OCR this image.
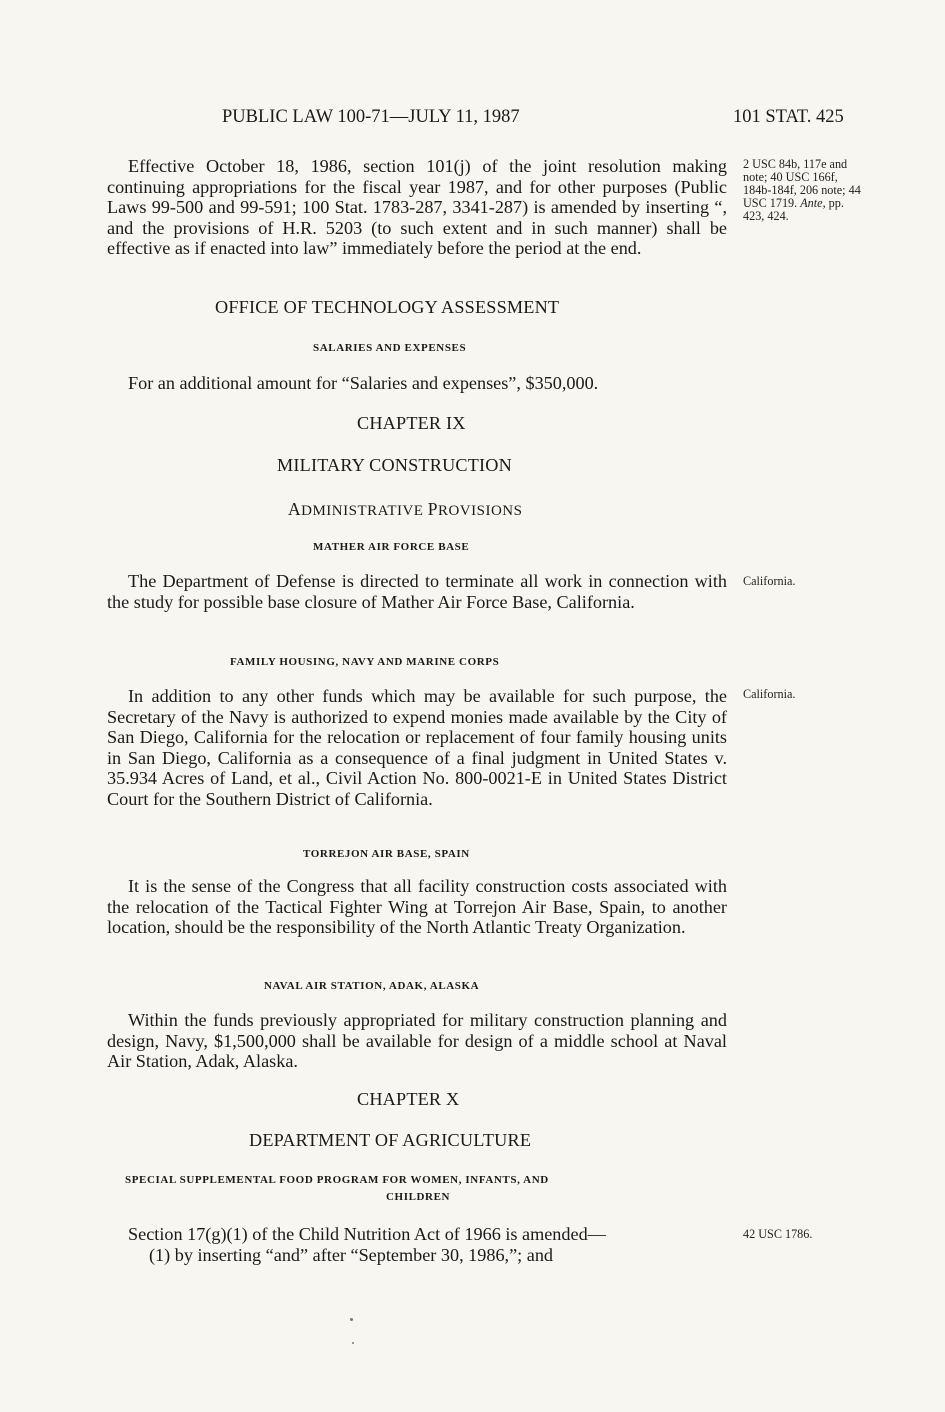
PUBLIC LAW 100-71—JULY 11, 1987	101 STAT. 425

Effective October 18, 1986, section 101(j) of the joint resolution making continuing appropriations for the fiscal year 1987, and for other purposes (Public Laws 99-500 and 99-591; 100 Stat. 1783-287, 3341-287) is amended by inserting “, and the provisions of H.R. 5203 (to such extent and in such manner) shall be effective as if enacted into law” immediately before the period at the end.

2 USC 84b, 117e and note; 40 USC 166f, 184b-184f, 206 note; 44 USC 1719. Ante, pp. 423, 424.
OFFICE OF TECHNOLOGY ASSESSMENT
SALARIES AND EXPENSES

For an additional amount for “Salaries and expenses”, $350,000.

CHAPTER IX
MILITARY CONSTRUCTION
ADMINISTRATIVE PROVISIONS
MATHER AIR FORCE BASE

The Department of Defense is directed to terminate all work in connection with the study for possible base closure of Mather Air Force Base, California.

California.
FAMILY HOUSING, NAVY AND MARINE CORPS

In addition to any other funds which may be available for such purpose, the Secretary of the Navy is authorized to expend monies made available by the City of San Diego, California for the relocation or replacement of four family housing units in San Diego, California as a consequence of a final judgment in United States v. 35.934 Acres of Land, et al., Civil Action No. 800-0021-E in United States District Court for the Southern District of California.

California.
TORREJON AIR BASE, SPAIN

It is the sense of the Congress that all facility construction costs associated with the relocation of the Tactical Fighter Wing at Torrejon Air Base, Spain, to another location, should be the responsibility of the North Atlantic Treaty Organization.

NAVAL AIR STATION, ADAK, ALASKA

Within the funds previously appropriated for military construction planning and design, Navy, $1,500,000 shall be available for design of a middle school at Naval Air Station, Adak, Alaska.

CHAPTER X
DEPARTMENT OF AGRICULTURE
SPECIAL SUPPLEMENTAL FOOD PROGRAM FOR WOMEN, INFANTS, AND
CHILDREN

Section 17(g)(1) of the Child Nutrition Act of 1966 is amended—

(1) by inserting “and” after “September 30, 1986,”; and

42 USC 1786.
